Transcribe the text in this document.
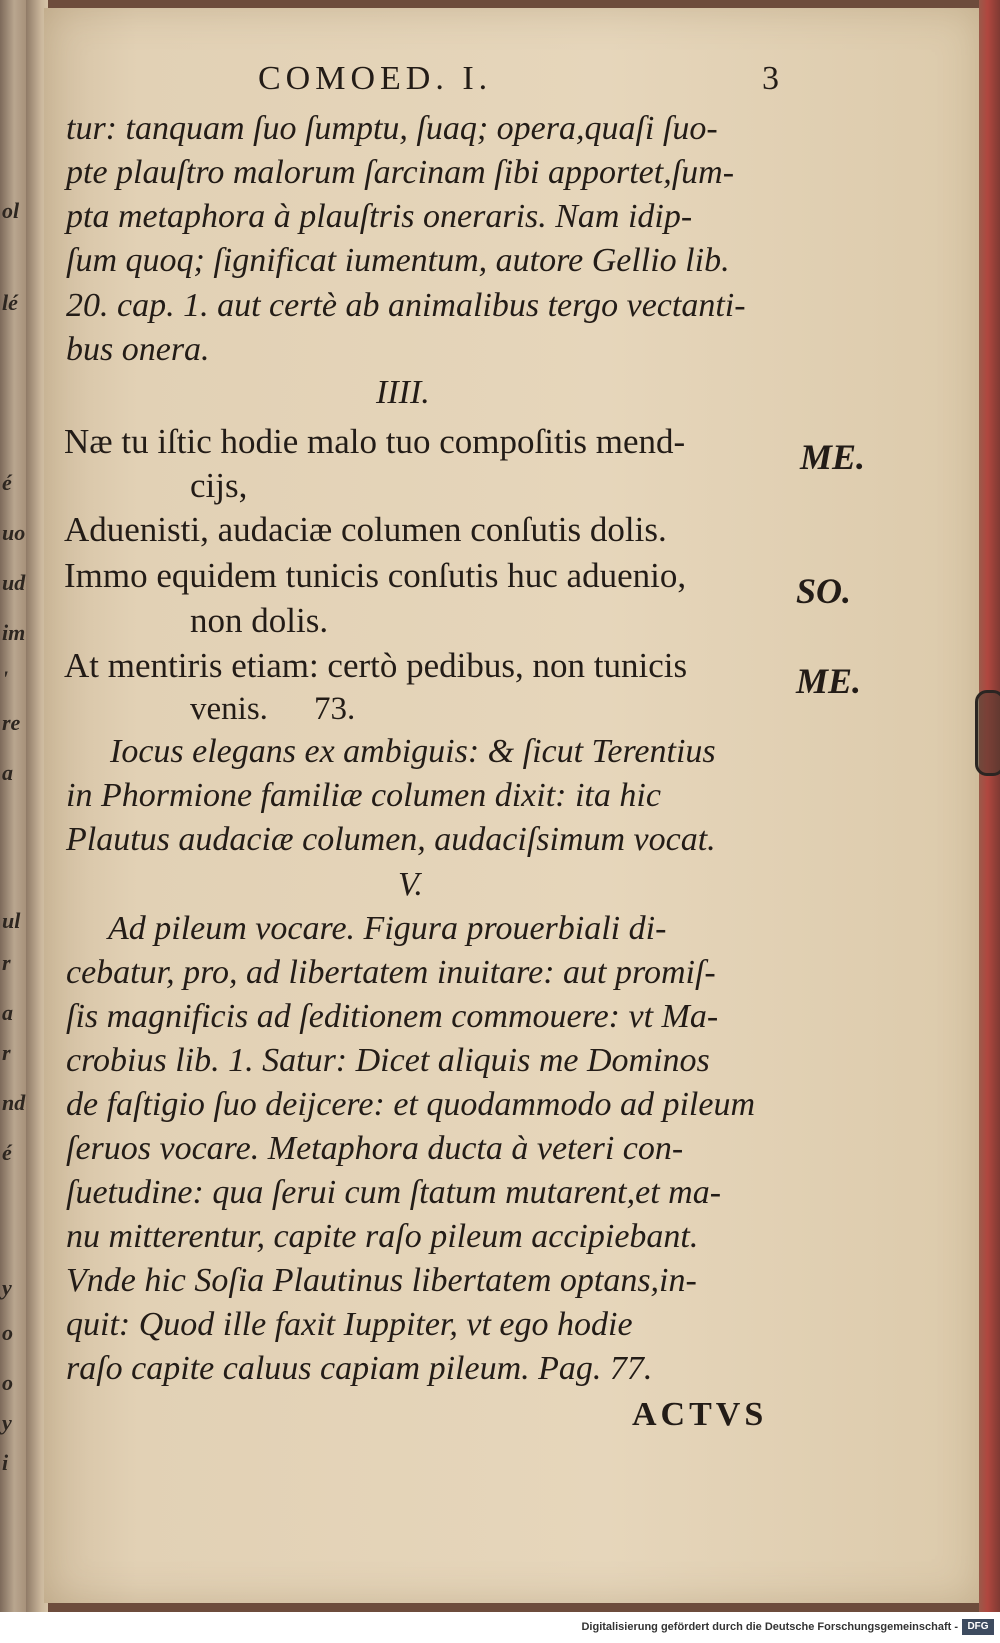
ol
lé
é
uo
ud
im
'
re
a
ul
r
a
r
nd
é
y
o
o
y
i
COMOED. I.	3
tur: tanquam ſuo ſumptu, ſuaq; opera,quaſi ſuo-
pte plauſtro malorum ſarcinam ſibi apportet,ſum-
pta metaphora à plauſtris oneraris. Nam idip-
ſum quoq; ſignificat iumentum, autore Gellio lib.
20. cap. 1. aut certè ab animalibus tergo vectanti-
bus onera.
IIII.
Næ tu iſtic hodie malo tuo compoſitis mend-
cijs,
Aduenisti, audaciæ columen conſutis dolis.
Immo equidem tunicis conſutis huc aduenio,
non dolis.
At mentiris etiam: certò pedibus, non tunicis
venis. 73.
ME.
SO.
ME.
Iocus elegans ex ambiguis: & ſicut Terentius
in Phormione familiæ columen dixit: ita hic
Plautus audaciæ columen, audaciſsimum vocat.
V.
Ad pileum vocare. Figura prouerbiali di-
cebatur, pro, ad libertatem inuitare: aut promiſ-
ſis magnificis ad ſeditionem commouere: vt Ma-
crobius lib. 1. Satur: Dicet aliquis me Dominos
de faſtigio ſuo deijcere: et quodammodo ad pileum
ſeruos vocare. Metaphora ducta à veteri con-
ſuetudine: qua ſerui cum ſtatum mutarent,et ma-
nu mitterentur, capite raſo pileum accipiebant.
Vnde hic Soſia Plautinus libertatem optans,in-
quit: Quod ille faxit Iuppiter, vt ego hodie
raſo capite caluus capiam pileum. Pag. 77.
ACTVS
Digitalisierung gefördert durch die Deutsche Forschungsgemeinschaft - DFG
